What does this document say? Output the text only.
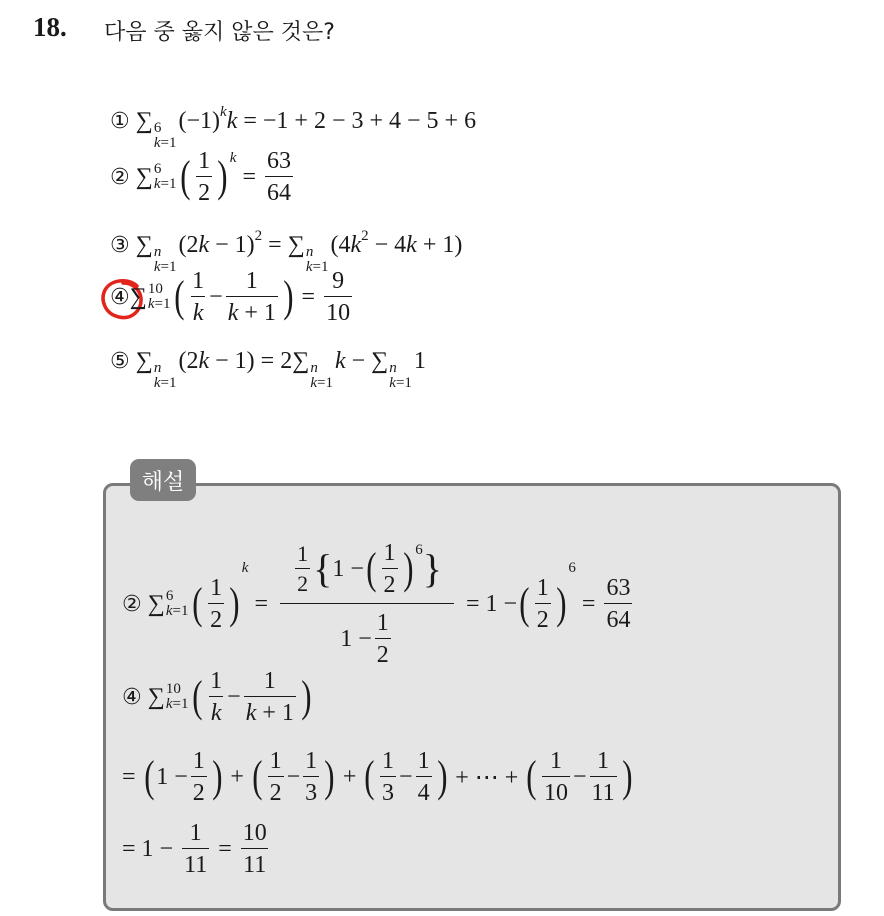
18. 다음 중 옳지 않은 것은?
① ∑ 6
k=1
$(-1)^kk = -1 + 2 - 3 + 4 - 5 + 6$
②
∑ 6
k=1 ( $\frac{1}{2}$ ) k
= $\frac{63}{64}$
③ ∑ n
k=1
$(2k - 1)^2$ = ∑ n
k=1
$(4k^2 - 4k + 1)$
④ ∑ 10
k=1 ( $\frac{1}{k} - \frac{1}{k + 1}$ ) = $\frac{9}{10}$
⑤ ∑ n
k=1
(2k − 1) = 2∑ n
k=1
k − ∑ n
k=1
1
해설
②
∑ 6
k=1 ( $\frac{1}{2}$ )
k
= $\frac{\frac{1}{2} \{ 1 - ( \frac{1}{2} ) 6 \}}{1 - \frac{1}{2}} = 1$ − ( $\frac{1}{2}$ )
6
= $\frac{63}{64}$
④
∑ 10
k=1 ( $\frac{1}{k} - \frac{1}{k + 1}$ )
= ( $1 - \frac{1}{2}$ ) + ( $\frac{1}{2} - \frac{1}{3}$ ) + ( $\frac{1}{3} - \frac{1}{4}$ ) + ⋯ + ( $\frac{1}{10} - \frac{1}{11}$ )
= $1 - \frac{1}{11} = \frac{10}{11}$
